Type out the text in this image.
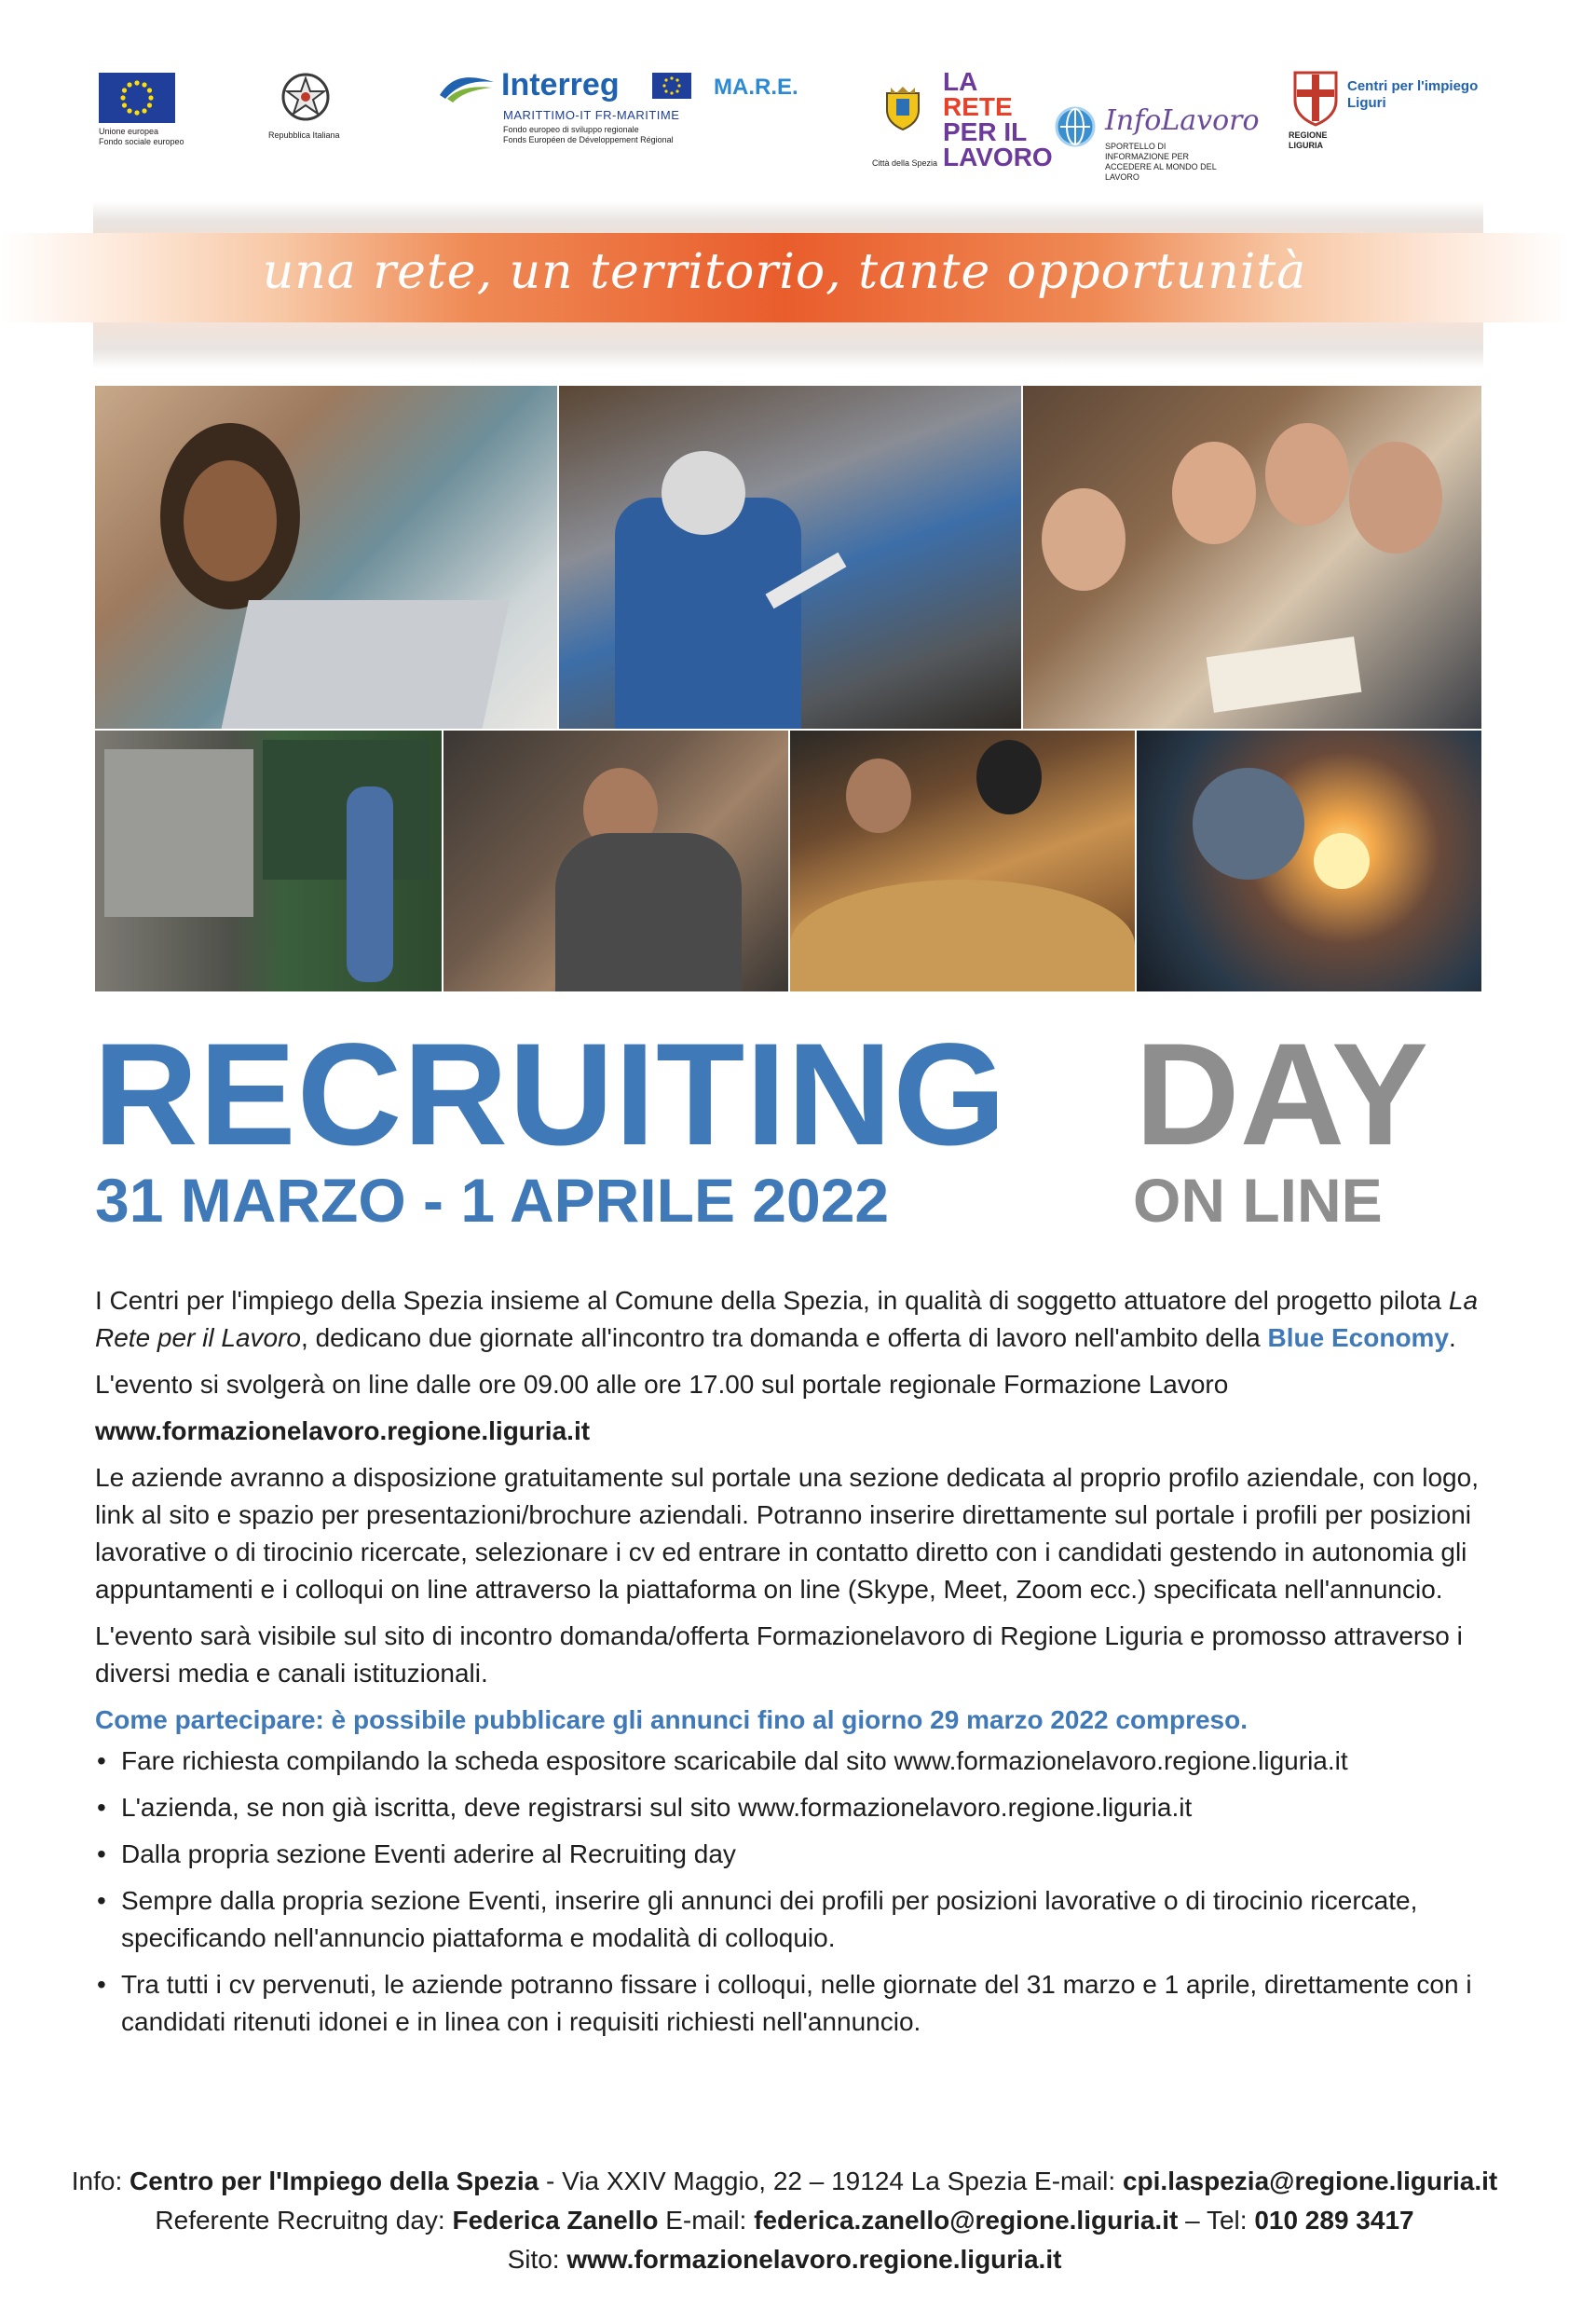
Unione europea
Fondo sociale europeo
Repubblica Italiana
Interreg
MARITTIMO-IT FR-MARITIME
Fondo europeo di sviluppo regionale
Fonds Européen de Développement Régional
MA.R.E.
Città della Spezia
LA
RETE
PER IL
LAVORO
InfoLavoro
SPORTELLO DI INFORMAZIONE PER ACCEDERE AL MONDO DEL LAVORO
REGIONE LIGURIA
Centri per l'impiego Liguri
una rete, un territorio, tante opportunità
RECRUITING DAY
31 MARZO - 1 APRILE 2022	ON LINE

I Centri per l'impiego della Spezia insieme al Comune della Spezia, in qualità di soggetto attuatore del progetto pilota La Rete per il Lavoro, dedicano due giornate all'incontro tra domanda e offerta di lavoro nell'ambito della Blue Economy.

L'evento si svolgerà on line dalle ore 09.00 alle ore 17.00 sul portale regionale Formazione Lavoro

www.formazionelavoro.regione.liguria.it

Le aziende avranno a disposizione gratuitamente sul portale una sezione dedicata al proprio profilo aziendale, con logo, link al sito e spazio per presentazioni/brochure aziendali. Potranno inserire direttamente sul portale i profili per posizioni lavorative o di tirocinio ricercate, selezionare i cv ed entrare in contatto diretto con i candidati gestendo in autonomia gli appuntamenti e i colloqui on line attraverso la piattaforma on line (Skype, Meet, Zoom ecc.) specificata nell'annuncio.

L'evento sarà visibile sul sito di incontro domanda/offerta Formazionelavoro di Regione Liguria e promosso attraverso i diversi media e canali istituzionali.

Come partecipare: è possibile pubblicare gli annunci fino al giorno 29 marzo 2022 compreso.

• Fare richiesta compilando la scheda espositore scaricabile dal sito www.formazionelavoro.regione.liguria.it
• L'azienda, se non già iscritta, deve registrarsi sul sito www.formazionelavoro.regione.liguria.it
• Dalla propria sezione Eventi aderire al Recruiting day
• Sempre dalla propria sezione Eventi, inserire gli annunci dei profili per posizioni lavorative o di tirocinio ricercate, specificando nell'annuncio piattaforma e modalità di colloquio.
• Tra tutti i cv pervenuti, le aziende potranno fissare i colloqui, nelle giornate del 31 marzo e 1 aprile, direttamente con i candidati ritenuti idonei e in linea con i requisiti richiesti nell'annuncio.
Info: Centro per l'Impiego della Spezia - Via XXIV Maggio, 22 – 19124 La Spezia E-mail: cpi.laspezia@regione.liguria.it
Referente Recruitng day: Federica Zanello E-mail: federica.zanello@regione.liguria.it – Tel: 010 289 3417
Sito: www.formazionelavoro.regione.liguria.it
